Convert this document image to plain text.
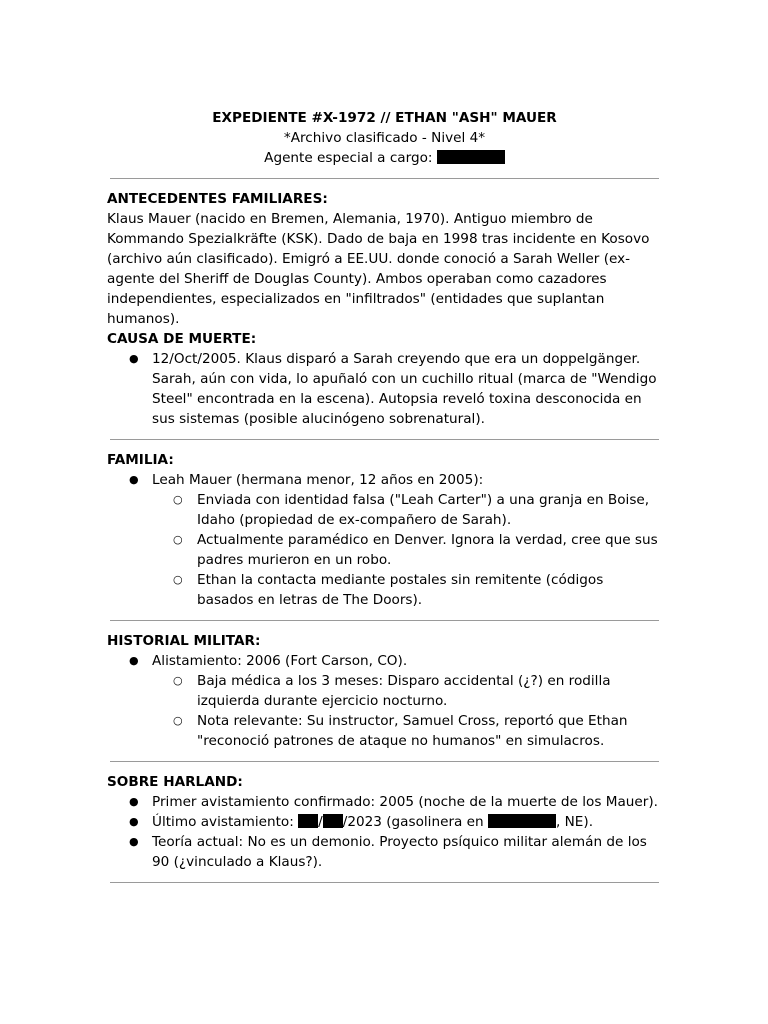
EXPEDIENTE #X-1972 // ETHAN "ASH" MAUER
*Archivo clasificado - Nivel 4*
Agente especial a cargo:
ANTECEDENTES FAMILIARES:

Klaus Mauer (nacido en Bremen, Alemania, 1970). Antiguo miembro de Kommando Spezialkräfte (KSK). Dado de baja en 1998 tras incidente en Kosovo (archivo aún clasificado). Emigró a EE.UU. donde conoció a Sarah Weller (ex-agente del Sheriff de Douglas County). Ambos operaban como cazadores independientes, especializados en "infiltrados" (entidades que suplantan humanos).

CAUSA DE MUERTE:
● 12/Oct/2005. Klaus disparó a Sarah creyendo que era un doppelgänger. Sarah, aún con vida, lo apuñaló con un cuchillo ritual (marca de "Wendigo Steel" encontrada en la escena). Autopsia reveló toxina desconocida en sus sistemas (posible alucinógeno sobrenatural).
FAMILIA:
● Leah Mauer (hermana menor, 12 años en 2005):
○ Enviada con identidad falsa ("Leah Carter") a una granja en Boise, Idaho (propiedad de ex-compañero de Sarah).
○ Actualmente paramédico en Denver. Ignora la verdad, cree que sus padres murieron en un robo.
○ Ethan la contacta mediante postales sin remitente (códigos basados en letras de The Doors).
HISTORIAL MILITAR:
● Alistamiento: 2006 (Fort Carson, CO).
○ Baja médica a los 3 meses: Disparo accidental (¿?) en rodilla izquierda durante ejercicio nocturno.
○ Nota relevante: Su instructor, Samuel Cross, reportó que Ethan "reconoció patrones de ataque no humanos" en simulacros.
SOBRE HARLAND:
● Primer avistamiento confirmado: 2005 (noche de la muerte de los Mauer).
● Último avistamiento: / /2023 (gasolinera en	, NE).
● Teoría actual: No es un demonio. Proyecto psíquico militar alemán de los 90 (¿vinculado a Klaus?).
